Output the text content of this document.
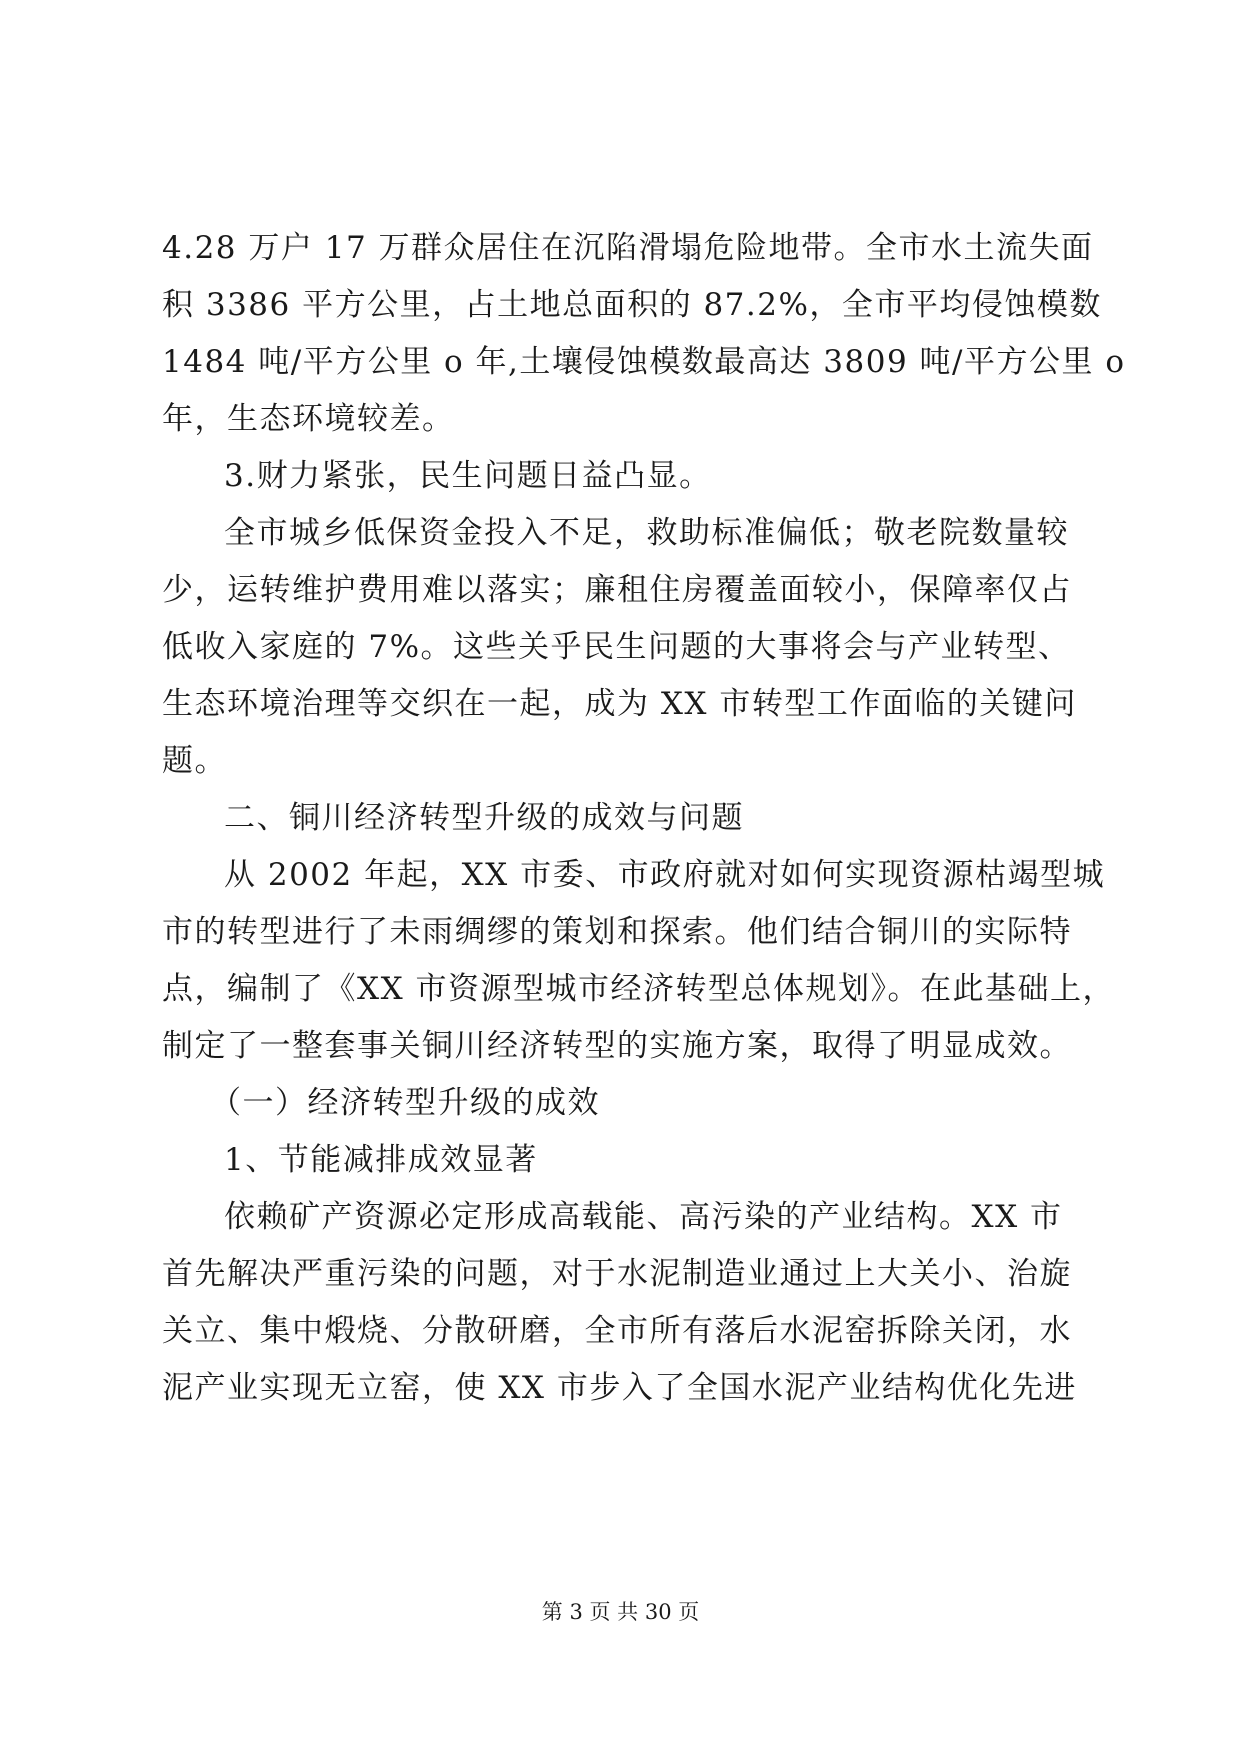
4.28 万户 17 万群众居住在沉陷滑塌危险地带。全市水土流失面
积 3386 平方公里，占土地总面积的 87.2%，全市平均侵蚀模数
1484 吨/平方公里 o 年,土壤侵蚀模数最高达 3809 吨/平方公里 o
年，生态环境较差。
3.财力紧张，民生问题日益凸显。
全市城乡低保资金投入不足，救助标准偏低；敬老院数量较
少，运转维护费用难以落实；廉租住房覆盖面较小，保障率仅占
低收入家庭的 7%。这些关乎民生问题的大事将会与产业转型、
生态环境治理等交织在一起，成为 XX 市转型工作面临的关键问
题。
二、铜川经济转型升级的成效与问题
从 2002 年起，XX 市委、市政府就对如何实现资源枯竭型城
市的转型进行了未雨绸缪的策划和探索。他们结合铜川的实际特
点，编制了《XX 市资源型城市经济转型总体规划》。在此基础上，
制定了一整套事关铜川经济转型的实施方案，取得了明显成效。
（一）经济转型升级的成效
1、节能减排成效显著
依赖矿产资源必定形成高载能、高污染的产业结构。XX 市
首先解决严重污染的问题，对于水泥制造业通过上大关小、治旋
关立、集中煅烧、分散研磨，全市所有落后水泥窑拆除关闭，水
泥产业实现无立窑，使 XX 市步入了全国水泥产业结构优化先进
第 3 页 共 30 页
